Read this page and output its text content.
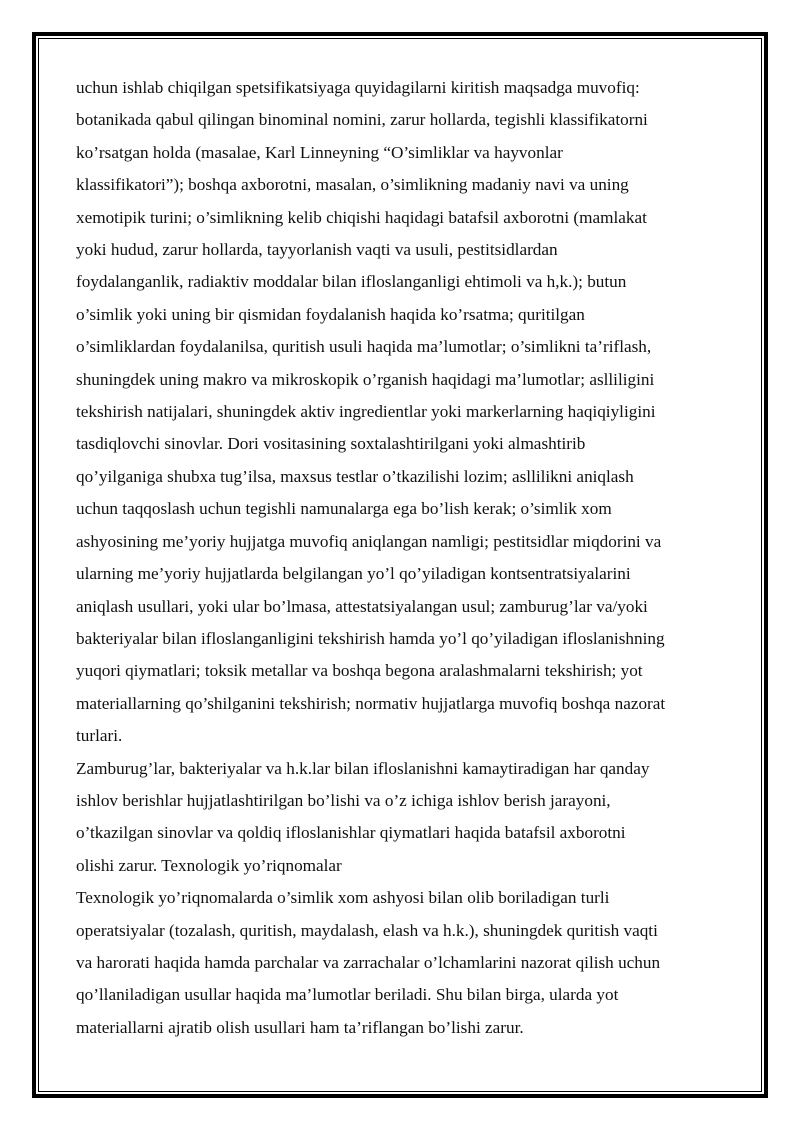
uchun ishlab chiqilgan spetsifikatsiyaga quyidagilarni kiritish maqsadga muvofiq:
botanikada qabul qilingan binominal nomini, zarur hollarda, tegishli klassifikatorni
ko’rsatgan holda (masalae, Karl Linneyning “O’simliklar va hayvonlar
klassifikatori”); boshqa axborotni, masalan, o’simlikning madaniy navi va uning
xemotipik turini; o’simlikning kelib chiqishi haqidagi batafsil axborotni (mamlakat
yoki hudud, zarur hollarda, tayyorlanish vaqti va usuli, pestitsidlardan
foydalanganlik, radiaktiv moddalar bilan ifloslanganligi ehtimoli va h,k.); butun
o’simlik yoki uning bir qismidan foydalanish haqida ko’rsatma; quritilgan
o’simliklardan foydalanilsa, quritish usuli haqida ma’lumotlar; o’simlikni ta’riflash,
shuningdek uning makro va mikroskopik o’rganish haqidagi ma’lumotlar; aslliligini
tekshirish natijalari, shuningdek aktiv ingredientlar yoki markerlarning haqiqiyligini
tasdiqlovchi sinovlar. Dori vositasining soxtalashtirilgani yoki almashtirib
qo’yilganiga shubxa tug’ilsa, maxsus testlar o’tkazilishi lozim; asllilikni aniqlash
uchun taqqoslash uchun tegishli namunalarga ega bo’lish kerak; o’simlik xom
ashyosining me’yoriy hujjatga muvofiq aniqlangan namligi; pestitsidlar miqdorini va
ularning me’yoriy hujjatlarda belgilangan yo’l qo’yiladigan kontsentratsiyalarini
aniqlash usullari, yoki ular bo’lmasa, attestatsiyalangan usul; zamburug’lar va/yoki
bakteriyalar bilan ifloslanganligini tekshirish hamda yo’l qo’yiladigan ifloslanishning
yuqori qiymatlari; toksik metallar va boshqa begona aralashmalarni tekshirish; yot
materiallarning qo’shilganini tekshirish; normativ hujjatlarga muvofiq boshqa nazorat
turlari.

Zamburug’lar, bakteriyalar va h.k.lar bilan ifloslanishni kamaytiradigan har qanday
ishlov berishlar hujjatlashtirilgan bo’lishi va o’z ichiga ishlov berish jarayoni,
o’tkazilgan sinovlar va qoldiq ifloslanishlar qiymatlari haqida batafsil axborotni
olishi zarur. Texnologik yo’riqnomalar

Texnologik yo’riqnomalarda o’simlik xom ashyosi bilan olib boriladigan turli
operatsiyalar (tozalash, quritish, maydalash, elash va h.k.), shuningdek quritish vaqti
va harorati haqida hamda parchalar va zarrachalar o’lchamlarini nazorat qilish uchun
qo’llaniladigan usullar haqida ma’lumotlar beriladi. Shu bilan birga, ularda yot
materiallarni ajratib olish usullari ham ta’riflangan bo’lishi zarur.
